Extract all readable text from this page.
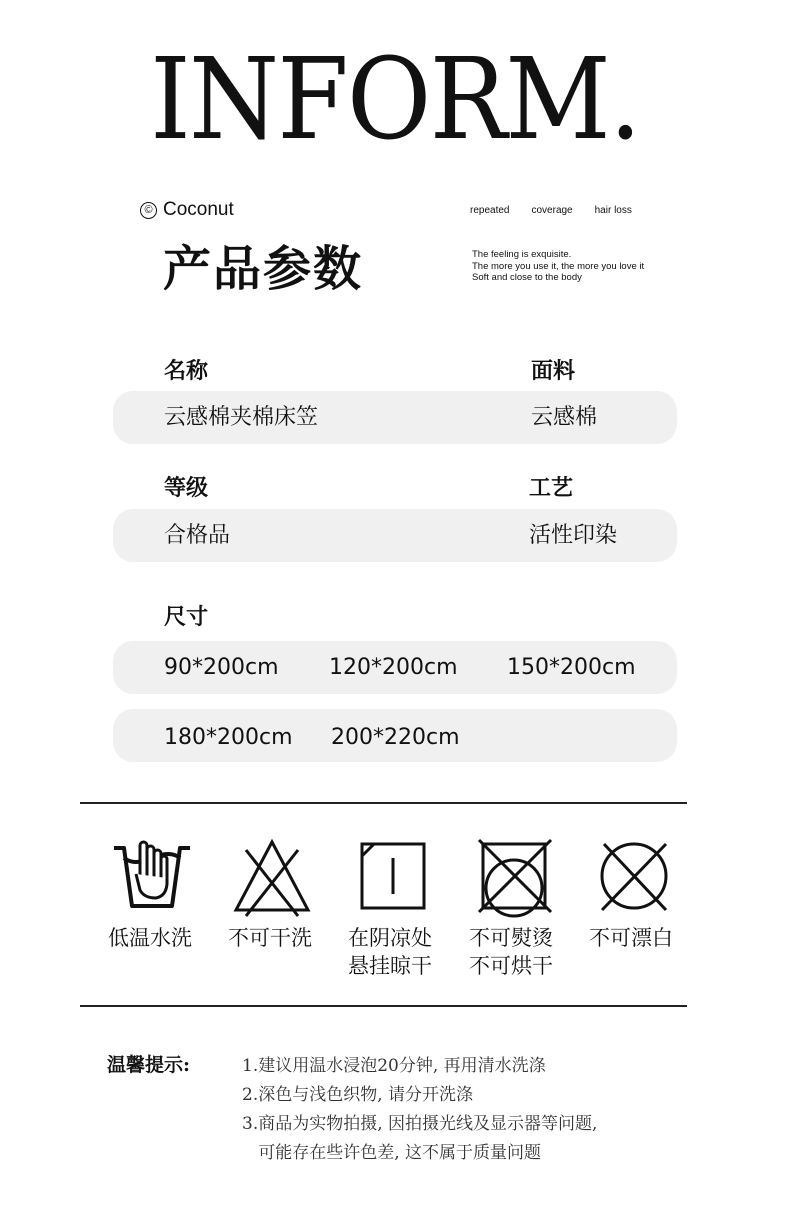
INFORM.
© Coconut
产品参数
repeated coverage hair loss
The feeling is exquisite.
The more you use it, the more you love it
Soft and close to the body
名称	面料
云感棉夹棉床笠	云感棉
等级	工艺
合格品	活性印染
尺寸
90*200cm 120*200cm 150*200cm
180*200cm 200*220cm
低温水洗	不可干洗	在阴凉处
悬挂晾干
不可熨烫
不可烘干
不可漂白
温馨提示:	1.建议用温水浸泡20分钟, 再用清水洗涤
2.深色与浅色织物, 请分开洗涤
3.商品为实物拍摄, 因拍摄光线及显示器等问题,
可能存在些许色差, 这不属于质量问题
